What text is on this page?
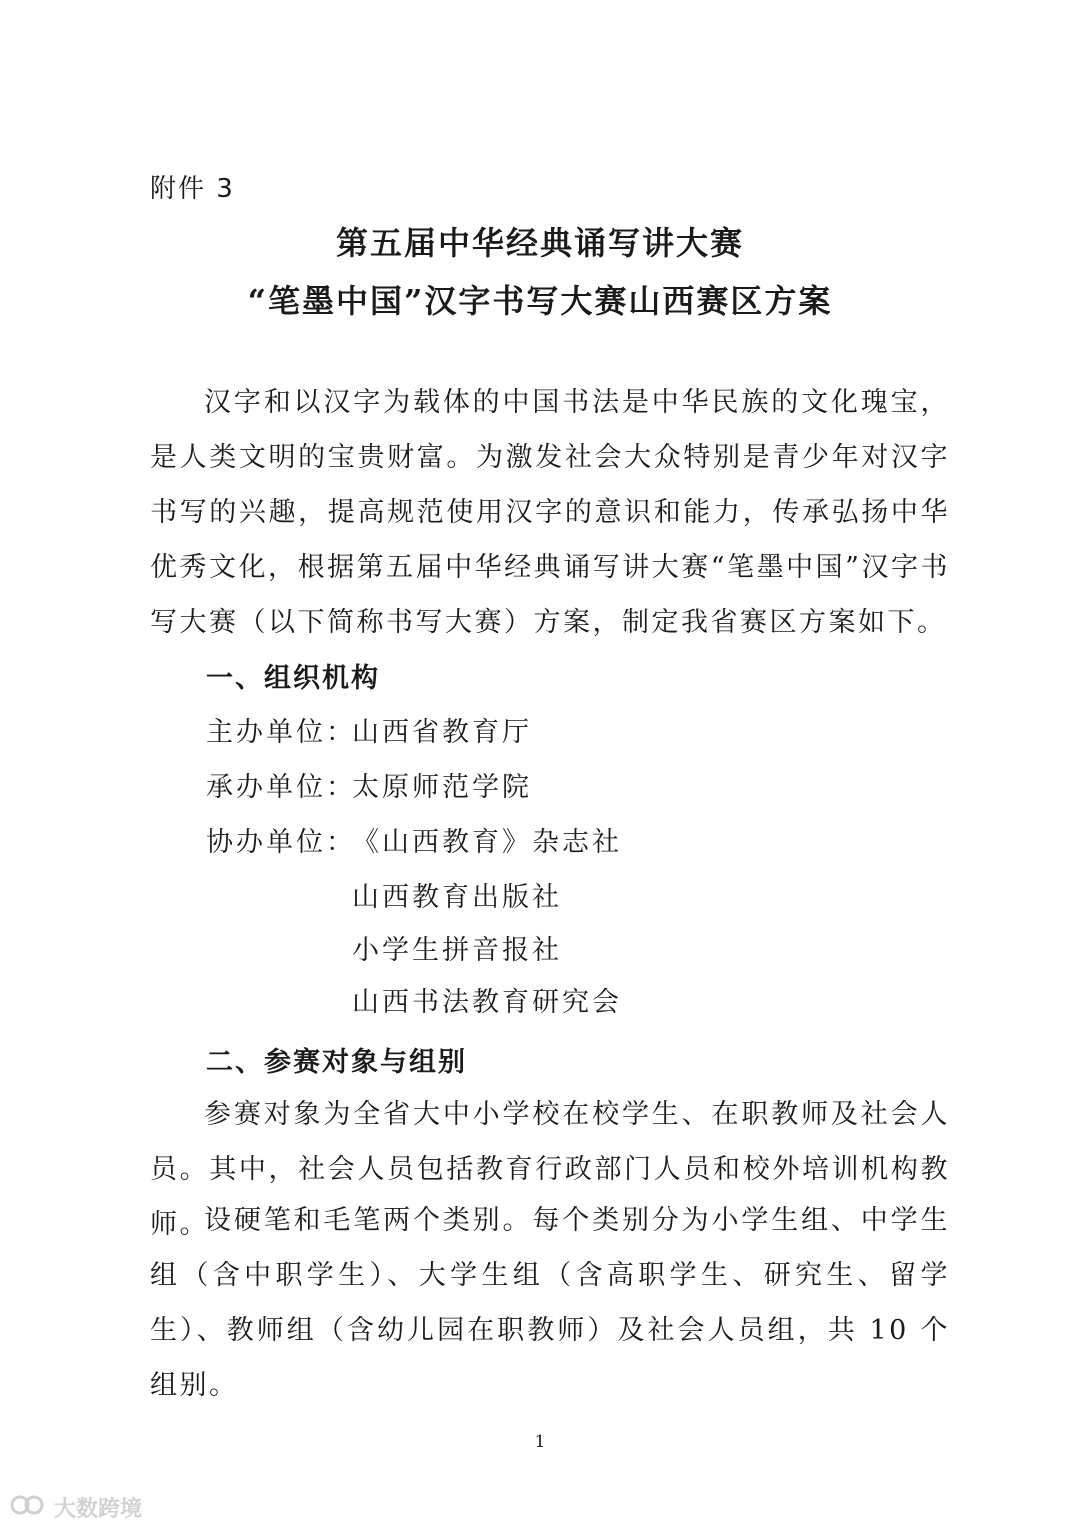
附件 3
第五届中华经典诵写讲大赛
“笔墨中国”汉字书写大赛山西赛区方案

汉字和以汉字为载体的中国书法是中华民族的文化瑰宝，是人类文明的宝贵财富。为激发社会大众特别是青少年对汉字书写的兴趣，提高规范使用汉字的意识和能力，传承弘扬中华优秀文化，根据第五届中华经典诵写讲大赛“笔墨中国”汉字书写大赛（以下简称书写大赛）方案，制定我省赛区方案如下。

一、组织机构
主办单位：
山西省教育厅
承办单位：
太原师范学院
协办单位：
《山西教育》杂志社
山西教育出版社
小学生拼音报社
山西书法教育研究会
二、参赛对象与组别

参赛对象为全省大中小学校在校学生、在职教师及社会人员。其中，社会人员包括教育行政部门人员和校外培训机构教师。

设硬笔和毛笔两个类别。每个类别分为小学生组、中学生组（含中职学生）、大学生组（含高职学生、研究生、留学生）、教师组（含幼儿园在职教师）及社会人员组，共 10 个组别。

1
大数跨境
